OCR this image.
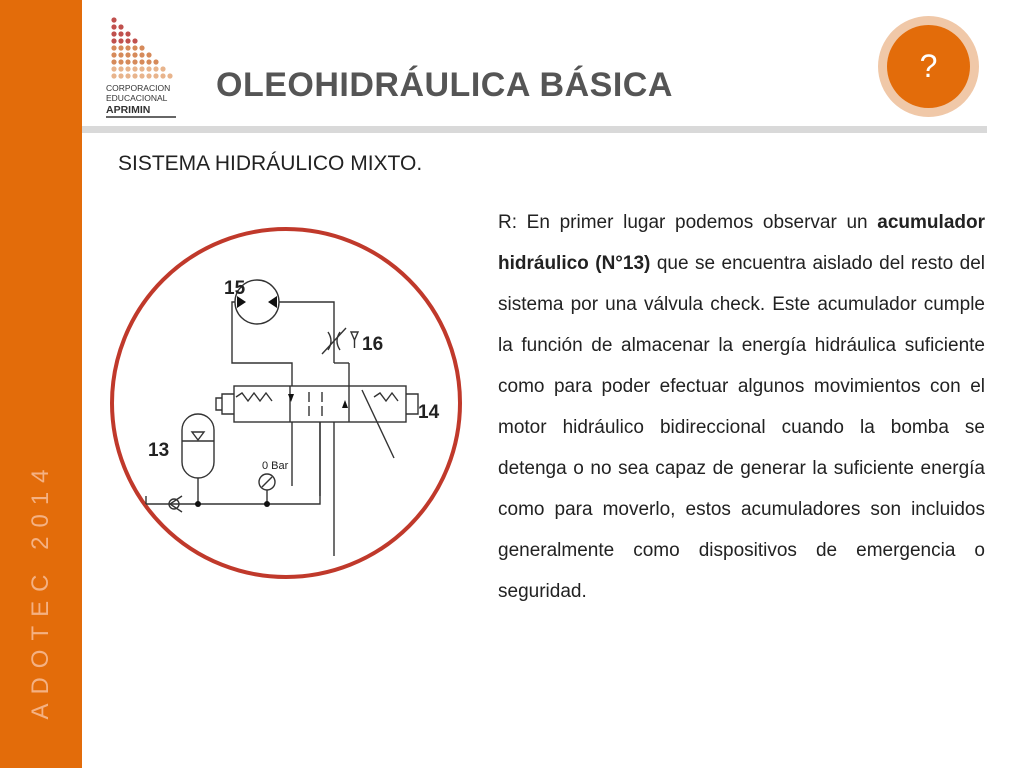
ADOTEC 2014
CORPORACION
EDUCACIONAL
APRIMIN
OLEOHIDRÁULICA BÁSICA	?
SISTEMA HIDRÁULICO MIXTO.
R: En primer lugar podemos observar un acumulador hidráulico (N°13) que se encuentra aislado del resto del sistema por una válvula check. Este acumulador cumple la función de almacenar la energía hidráulica suficiente como para poder efectuar algunos movimientos con el motor hidráulico bidireccional cuando la bomba se detenga o no sea capaz de generar la suficiente energía como para moverlo, estos acumuladores son incluidos generalmente como dispositivos de emergencia o seguridad.
15
16
14
13
0 Bar
